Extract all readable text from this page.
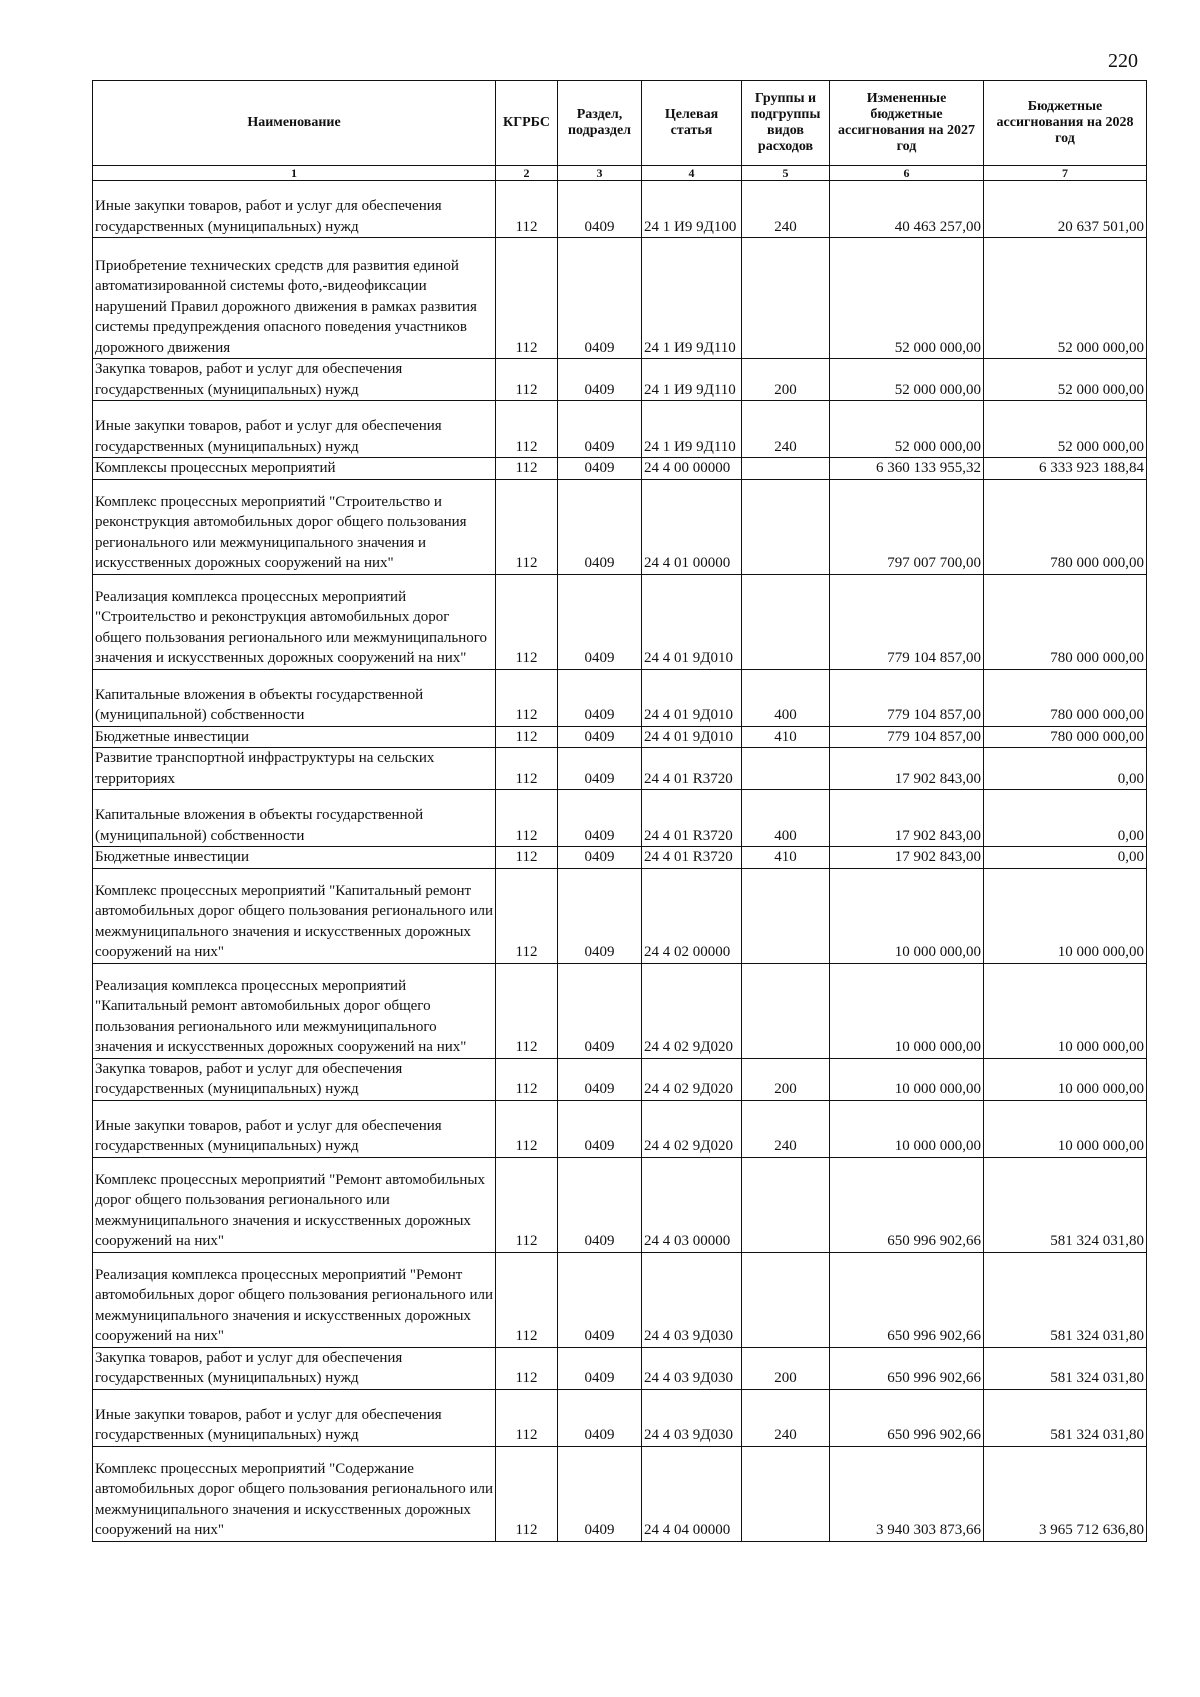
220
Наименование	КГРБС	Раздел, подраздел	Целевая статья	Группы и подгруппы видов расходов	Измененные бюджетные ассигнования на 2027 год	Бюджетные ассигнования на 2028 год
1	2	3	4	5	6	7
Иные закупки товаров, работ и услуг для обеспечения государственных (муниципальных) нужд	112	0409	24 1 И9 9Д100	240	40 463 257,00	20 637 501,00
Приобретение технических средств для развития единой автоматизированной системы фото,-видеофиксации нарушений Правил дорожного движения в рамках развития системы предупреждения опасного поведения участников дорожного движения	112	0409	24 1 И9 9Д110		52 000 000,00	52 000 000,00
Закупка товаров, работ и услуг для обеспечения государственных (муниципальных) нужд	112	0409	24 1 И9 9Д110	200	52 000 000,00	52 000 000,00
Иные закупки товаров, работ и услуг для обеспечения государственных (муниципальных) нужд	112	0409	24 1 И9 9Д110	240	52 000 000,00	52 000 000,00
Комплексы процессных мероприятий	112	0409	24 4 00 00000		6 360 133 955,32	6 333 923 188,84
Комплекс процессных мероприятий "Строительство и реконструкция автомобильных дорог общего пользования регионального или межмуниципального значения и искусственных дорожных сооружений на них"	112	0409	24 4 01 00000		797 007 700,00	780 000 000,00
Реализация комплекса процессных мероприятий "Строительство и реконструкция автомобильных дорог общего пользования регионального или межмуниципального значения и искусственных дорожных сооружений на них"	112	0409	24 4 01 9Д010		779 104 857,00	780 000 000,00
Капитальные вложения в объекты государственной (муниципальной) собственности	112	0409	24 4 01 9Д010	400	779 104 857,00	780 000 000,00
Бюджетные инвестиции	112	0409	24 4 01 9Д010	410	779 104 857,00	780 000 000,00
Развитие транспортной инфраструктуры на сельских территориях	112	0409	24 4 01 R3720		17 902 843,00	0,00
Капитальные вложения в объекты государственной (муниципальной) собственности	112	0409	24 4 01 R3720	400	17 902 843,00	0,00
Бюджетные инвестиции	112	0409	24 4 01 R3720	410	17 902 843,00	0,00
Комплекс процессных мероприятий "Капитальный ремонт автомобильных дорог общего пользования регионального или межмуниципального значения и искусственных дорожных сооружений на них"	112	0409	24 4 02 00000		10 000 000,00	10 000 000,00
Реализация комплекса процессных мероприятий "Капитальный ремонт автомобильных дорог общего пользования регионального или межмуниципального значения и искусственных дорожных сооружений на них"	112	0409	24 4 02 9Д020		10 000 000,00	10 000 000,00
Закупка товаров, работ и услуг для обеспечения государственных (муниципальных) нужд	112	0409	24 4 02 9Д020	200	10 000 000,00	10 000 000,00
Иные закупки товаров, работ и услуг для обеспечения государственных (муниципальных) нужд	112	0409	24 4 02 9Д020	240	10 000 000,00	10 000 000,00
Комплекс процессных мероприятий "Ремонт автомобильных дорог общего пользования регионального или межмуниципального значения и искусственных дорожных сооружений на них"	112	0409	24 4 03 00000		650 996 902,66	581 324 031,80
Реализация комплекса процессных мероприятий "Ремонт автомобильных дорог общего пользования регионального или межмуниципального значения и искусственных дорожных сооружений на них"	112	0409	24 4 03 9Д030		650 996 902,66	581 324 031,80
Закупка товаров, работ и услуг для обеспечения государственных (муниципальных) нужд	112	0409	24 4 03 9Д030	200	650 996 902,66	581 324 031,80
Иные закупки товаров, работ и услуг для обеспечения государственных (муниципальных) нужд	112	0409	24 4 03 9Д030	240	650 996 902,66	581 324 031,80
Комплекс процессных мероприятий "Содержание автомобильных дорог общего пользования регионального или межмуниципального значения и искусственных дорожных сооружений на них"	112	0409	24 4 04 00000		3 940 303 873,66	3 965 712 636,80
